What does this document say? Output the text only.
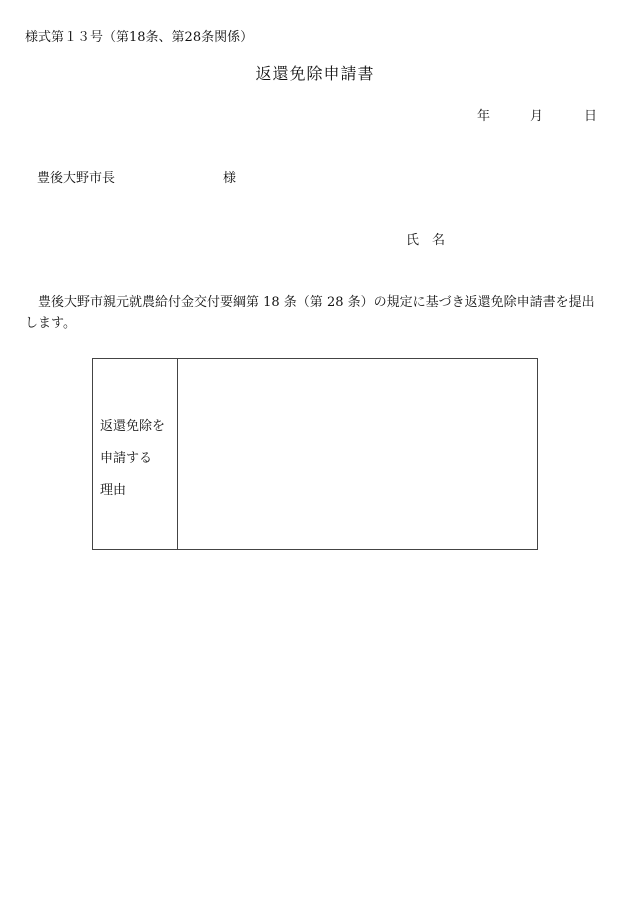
様式第１３号（第18条、第28条関係）
返還免除申請書
年	月	日
豊後大野市長	様
氏　名
豊後大野市親元就農給付金交付要綱第 18 条（第 28 条）の規定に基づき返還免除申請書を提出します。
返還免除を
申請する
理由
